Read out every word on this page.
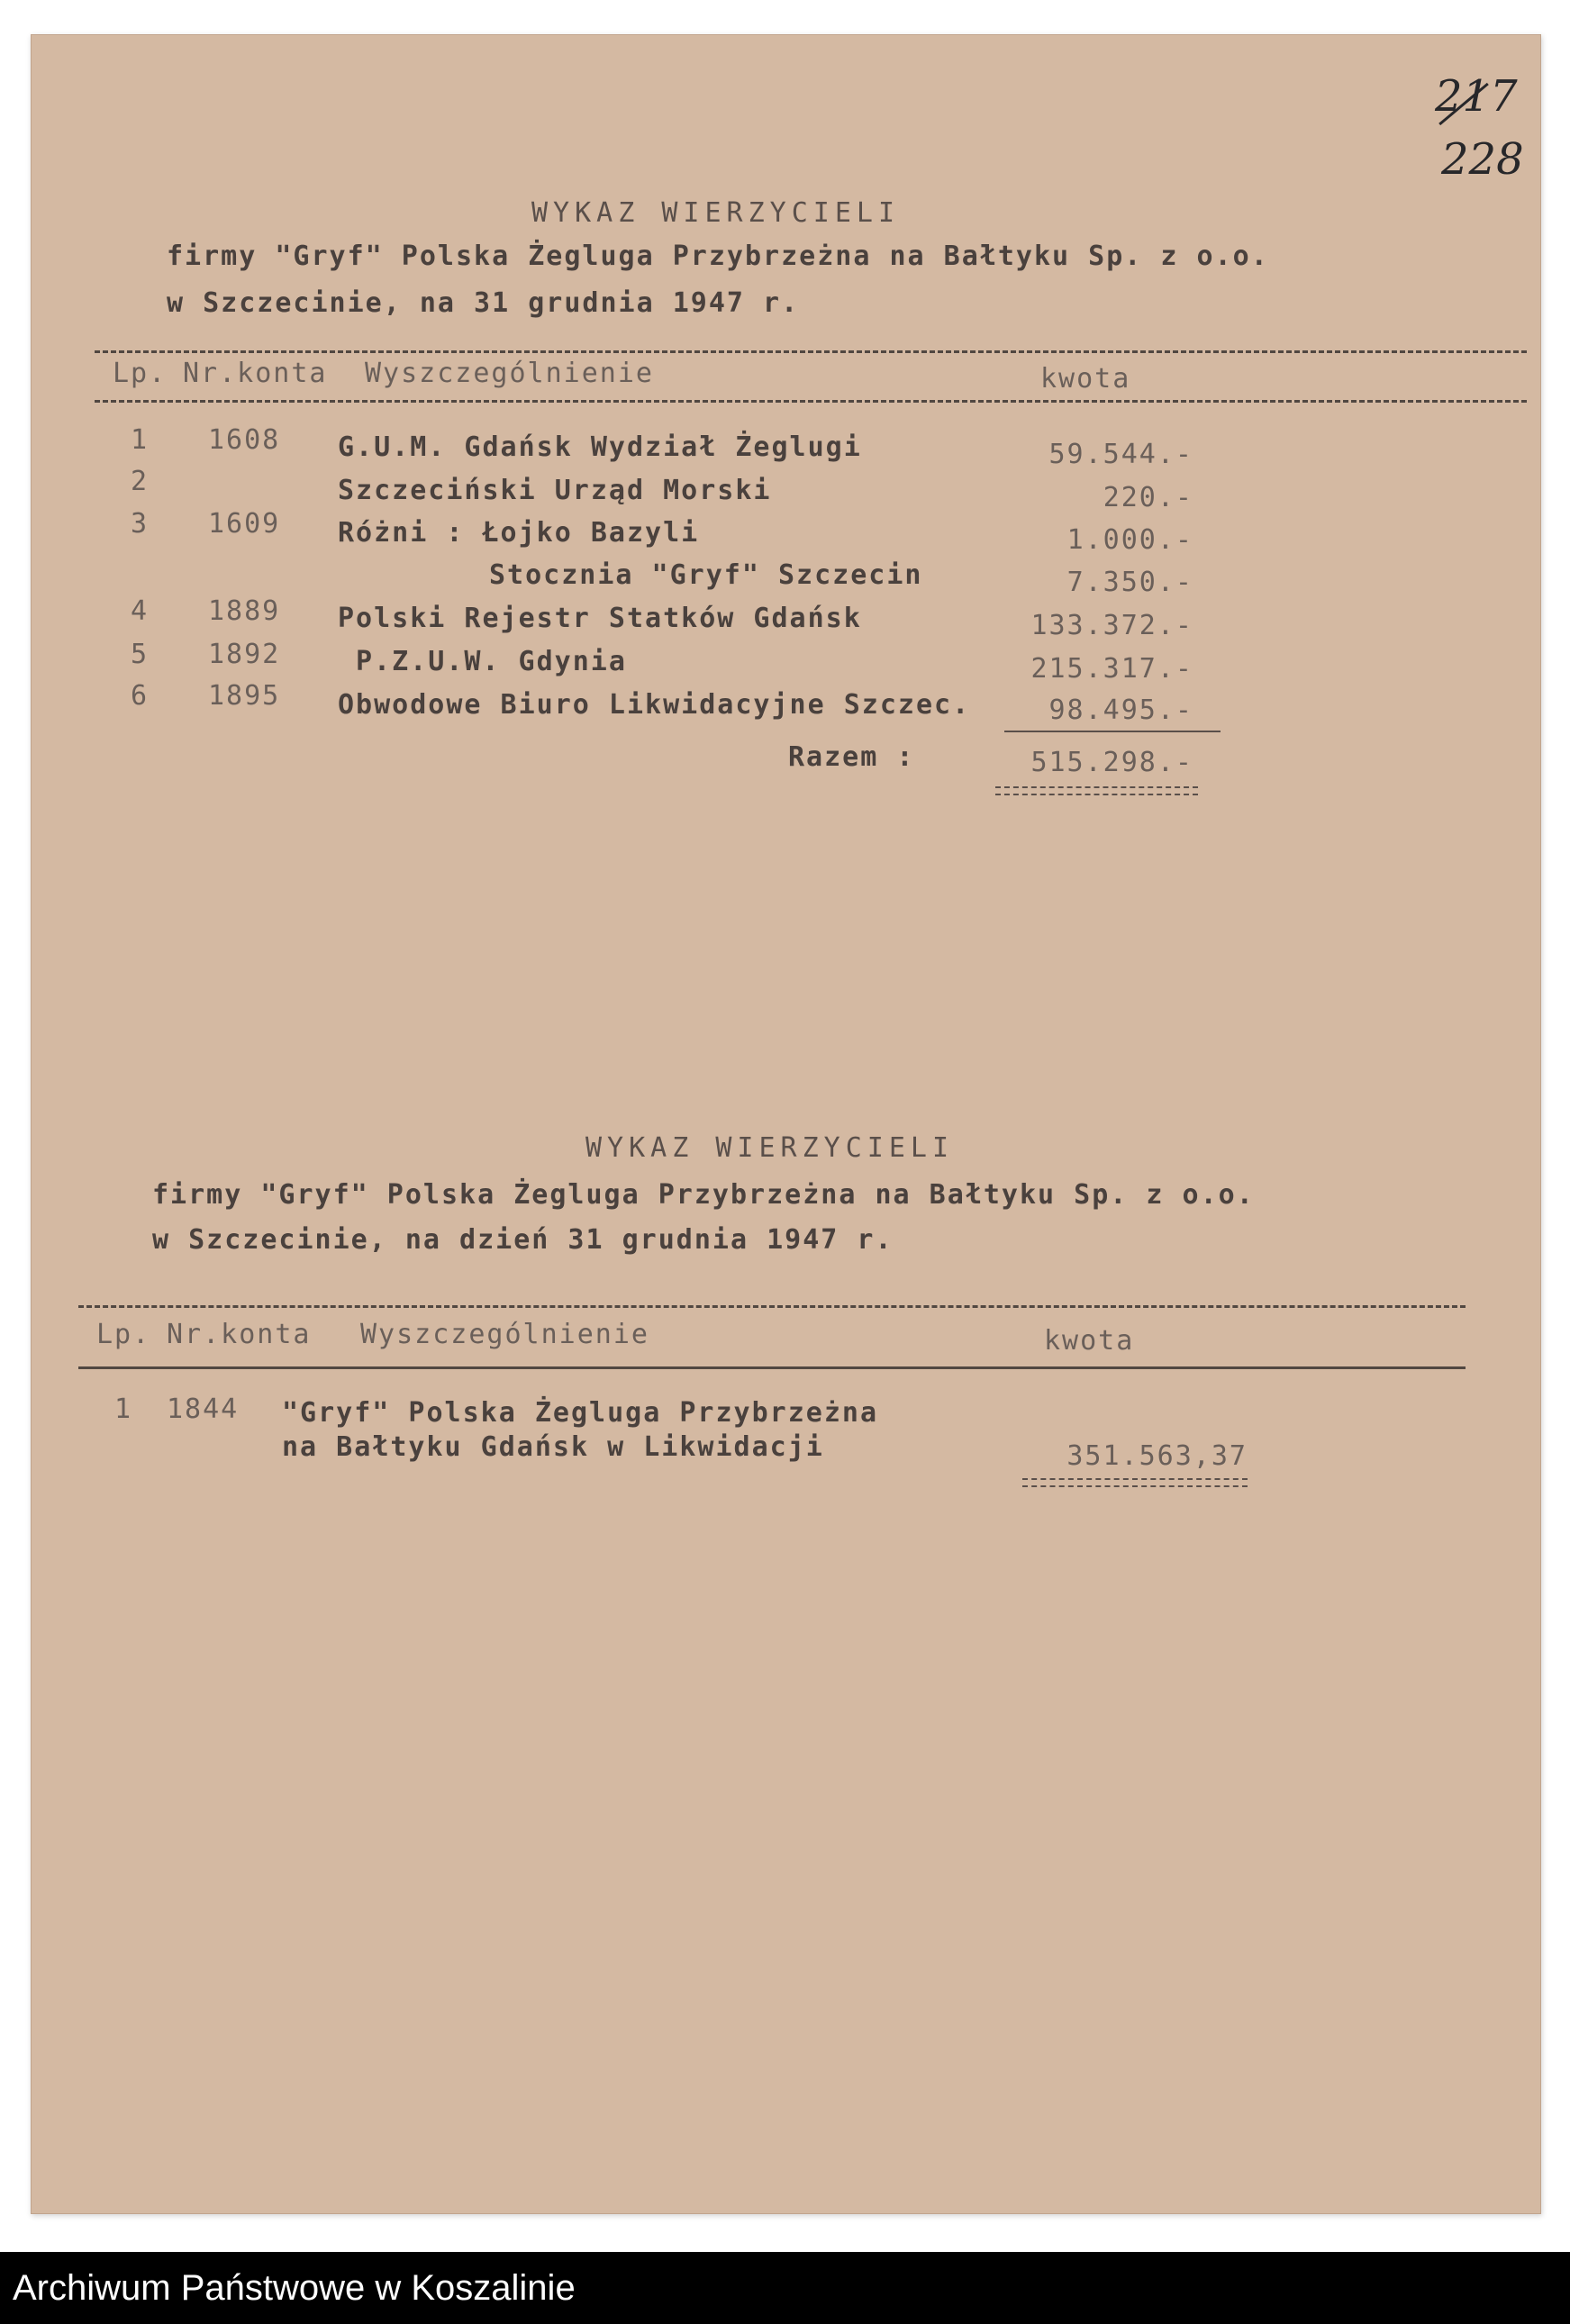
217
228
WYKAZ WIERZYCIELI
firmy "Gryf" Polska Żegluga Przybrzeżna na Bałtyku Sp. z o.o.
w Szczecinie, na 31 grudnia 1947 r.
Lp. Nr.konta Wyszczególnienie	kwota
1 1608 G.U.M. Gdańsk Wydział Żeglugi	59.544.-
2	Szczeciński Urząd Morski	220.-
3 1609 Różni : Łojko Bazyli	1.000.-
Stocznia "Gryf" Szczecin	7.350.-
4 1889 Polski Rejestr Statków Gdańsk	133.372.-
5 1892	P.Z.U.W. Gdynia	215.317.-
6 1895 Obwodowe Biuro Likwidacyjne Szczec.	98.495.-
Razem :	515.298.-
WYKAZ WIERZYCIELI
firmy "Gryf" Polska Żegluga Przybrzeżna na Bałtyku Sp. z o.o.
w Szczecinie, na dzień 31 grudnia 1947 r.
Lp. Nr.konta Wyszczególnienie	kwota
1 1844 "Gryf" Polska Żegluga Przybrzeżna
na Bałtyku Gdańsk w Likwidacji	351.563,37
Archiwum Państwowe w Koszalinie
